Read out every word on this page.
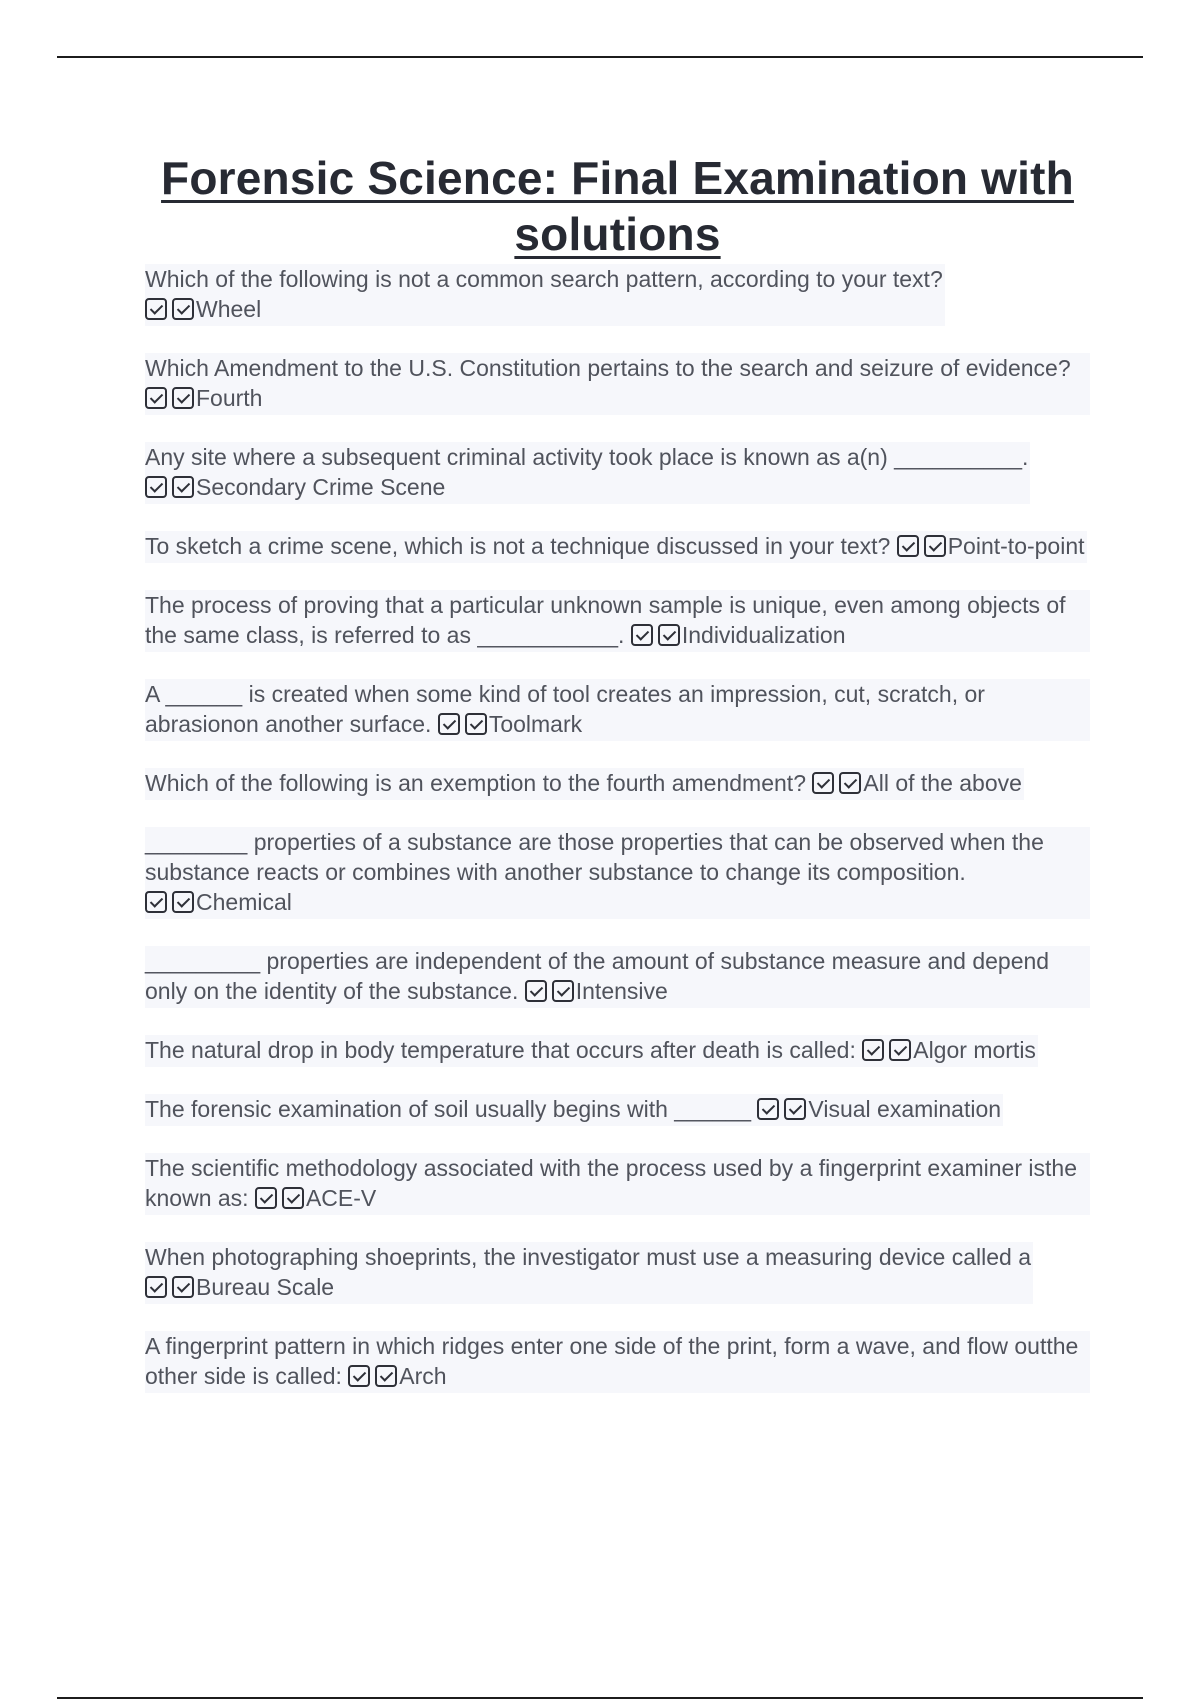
Forensic Science: Final Examination with solutions
Which of the following is not a common search pattern, according to your text?
Wheel
Which Amendment to the U.S. Constitution pertains to the search and seizure of evidence? Fourth
Any site where a subsequent criminal activity took place is known as a(n) __________.
Secondary Crime Scene
To sketch a crime scene, which is not a technique discussed in your text? Point-to-point
The process of proving that a particular unknown sample is unique, even among objects of the same class, is referred to as ___________. Individualization
A ______ is created when some kind of tool creates an impression, cut, scratch, or abrasionon another surface. Toolmark
Which of the following is an exemption to the fourth amendment? All of the above
________ properties of a substance are those properties that can be observed when the substance reacts or combines with another substance to change its composition.
Chemical
_________ properties are independent of the amount of substance measure and depend only on the identity of the substance. Intensive
The natural drop in body temperature that occurs after death is called: Algor mortis
The forensic examination of soil usually begins with ______ Visual examination
The scientific methodology associated with the process used by a fingerprint examiner isthe known as: ACE-V
When photographing shoeprints, the investigator must use a measuring device called a
Bureau Scale
A fingerprint pattern in which ridges enter one side of the print, form a wave, and flow outthe other side is called: Arch
